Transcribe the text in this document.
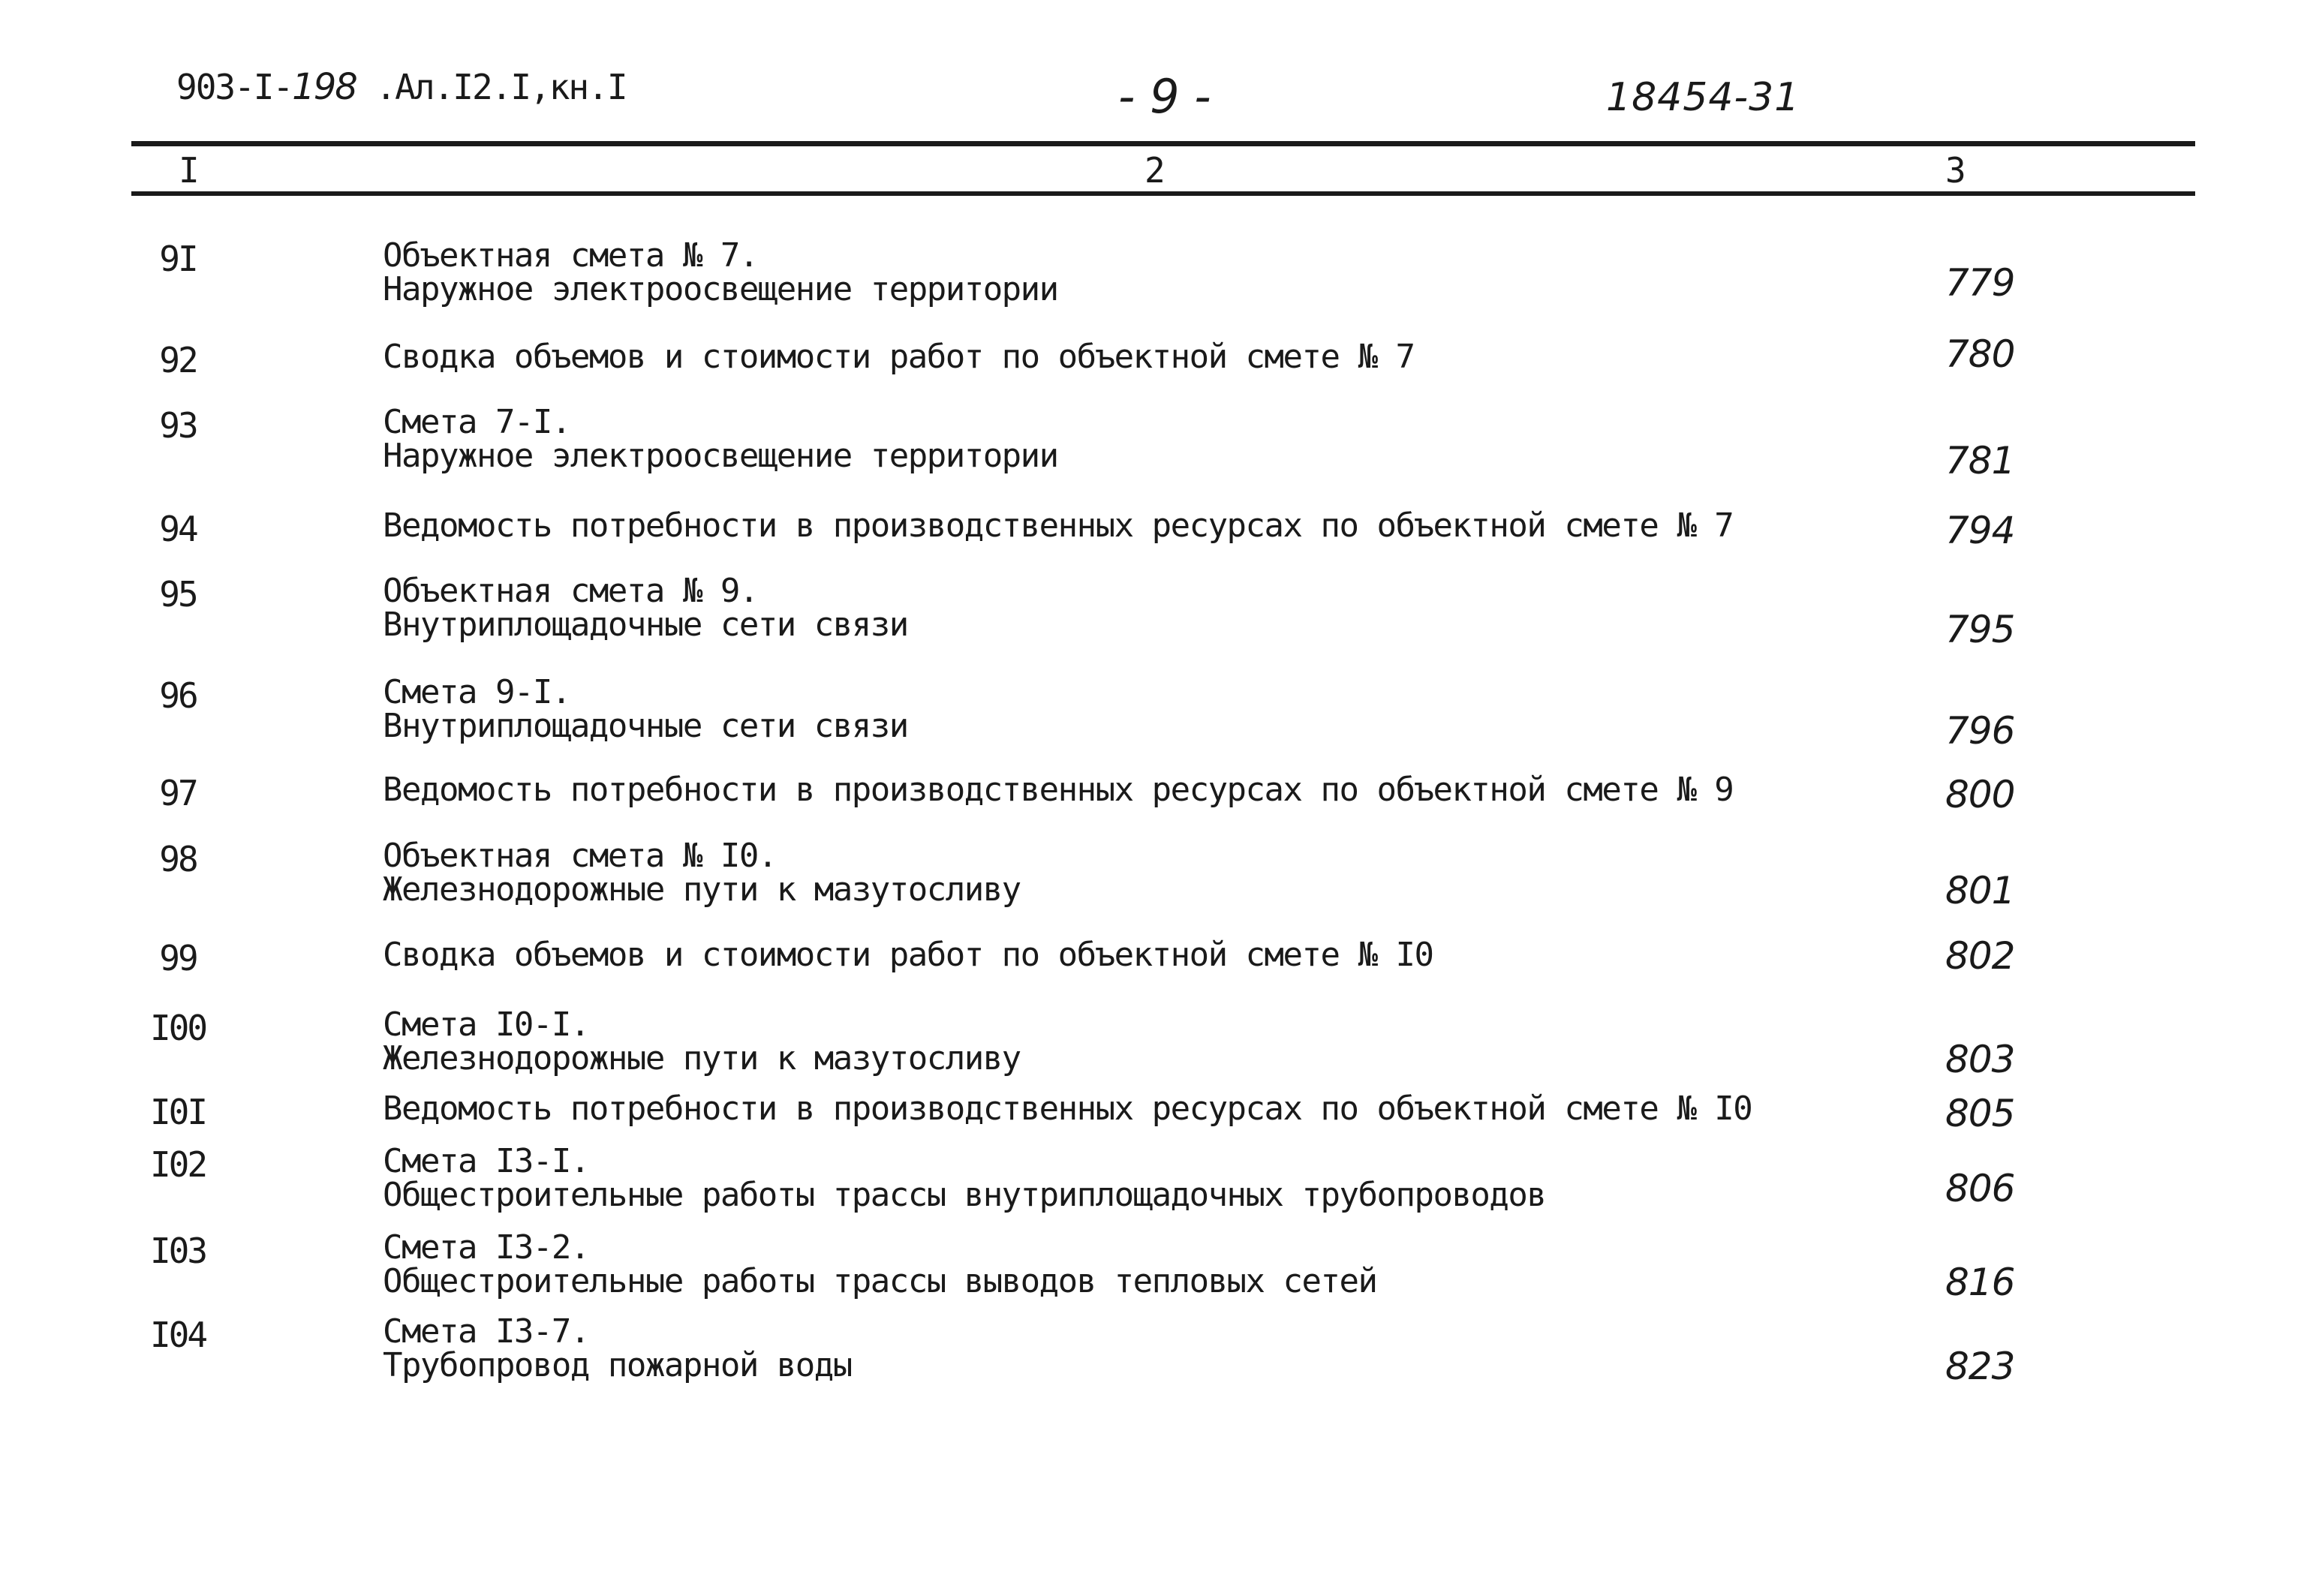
903-I-198 .Ал.I2.I,кн.I	- 9 -	18454-31
I	2	3
9I	Объектная смета № 7.
Наружное электроосвещение территории	779
92	Сводка объемов и стоимости работ по объектной смете № 7	780
93	Смета 7-I.
Наружное электроосвещение территории	781
94	Ведомость потребности в производственных ресурсах по объектной смете № 7	794
95	Объектная смета № 9.
Внутриплощадочные сети связи	795
96	Смета 9-I.
Внутриплощадочные сети связи	796
97	Ведомость потребности в производственных ресурсах по объектной смете № 9	800
98	Объектная смета № I0.
Железнодорожные пути к мазутосливу	801
99	Сводка объемов и стоимости работ по объектной смете № I0	802
I00	Смета I0-I.
Железнодорожные пути к мазутосливу	803
I0I	Ведомость потребности в производственных ресурсах по объектной смете № I0	805
I02	Смета I3-I.
Общестроительные работы трассы внутриплощадочных трубопроводов	806
I03	Смета I3-2.
Общестроительные работы трассы выводов тепловых сетей	816
I04	Смета I3-7.
Трубопровод пожарной воды	823
